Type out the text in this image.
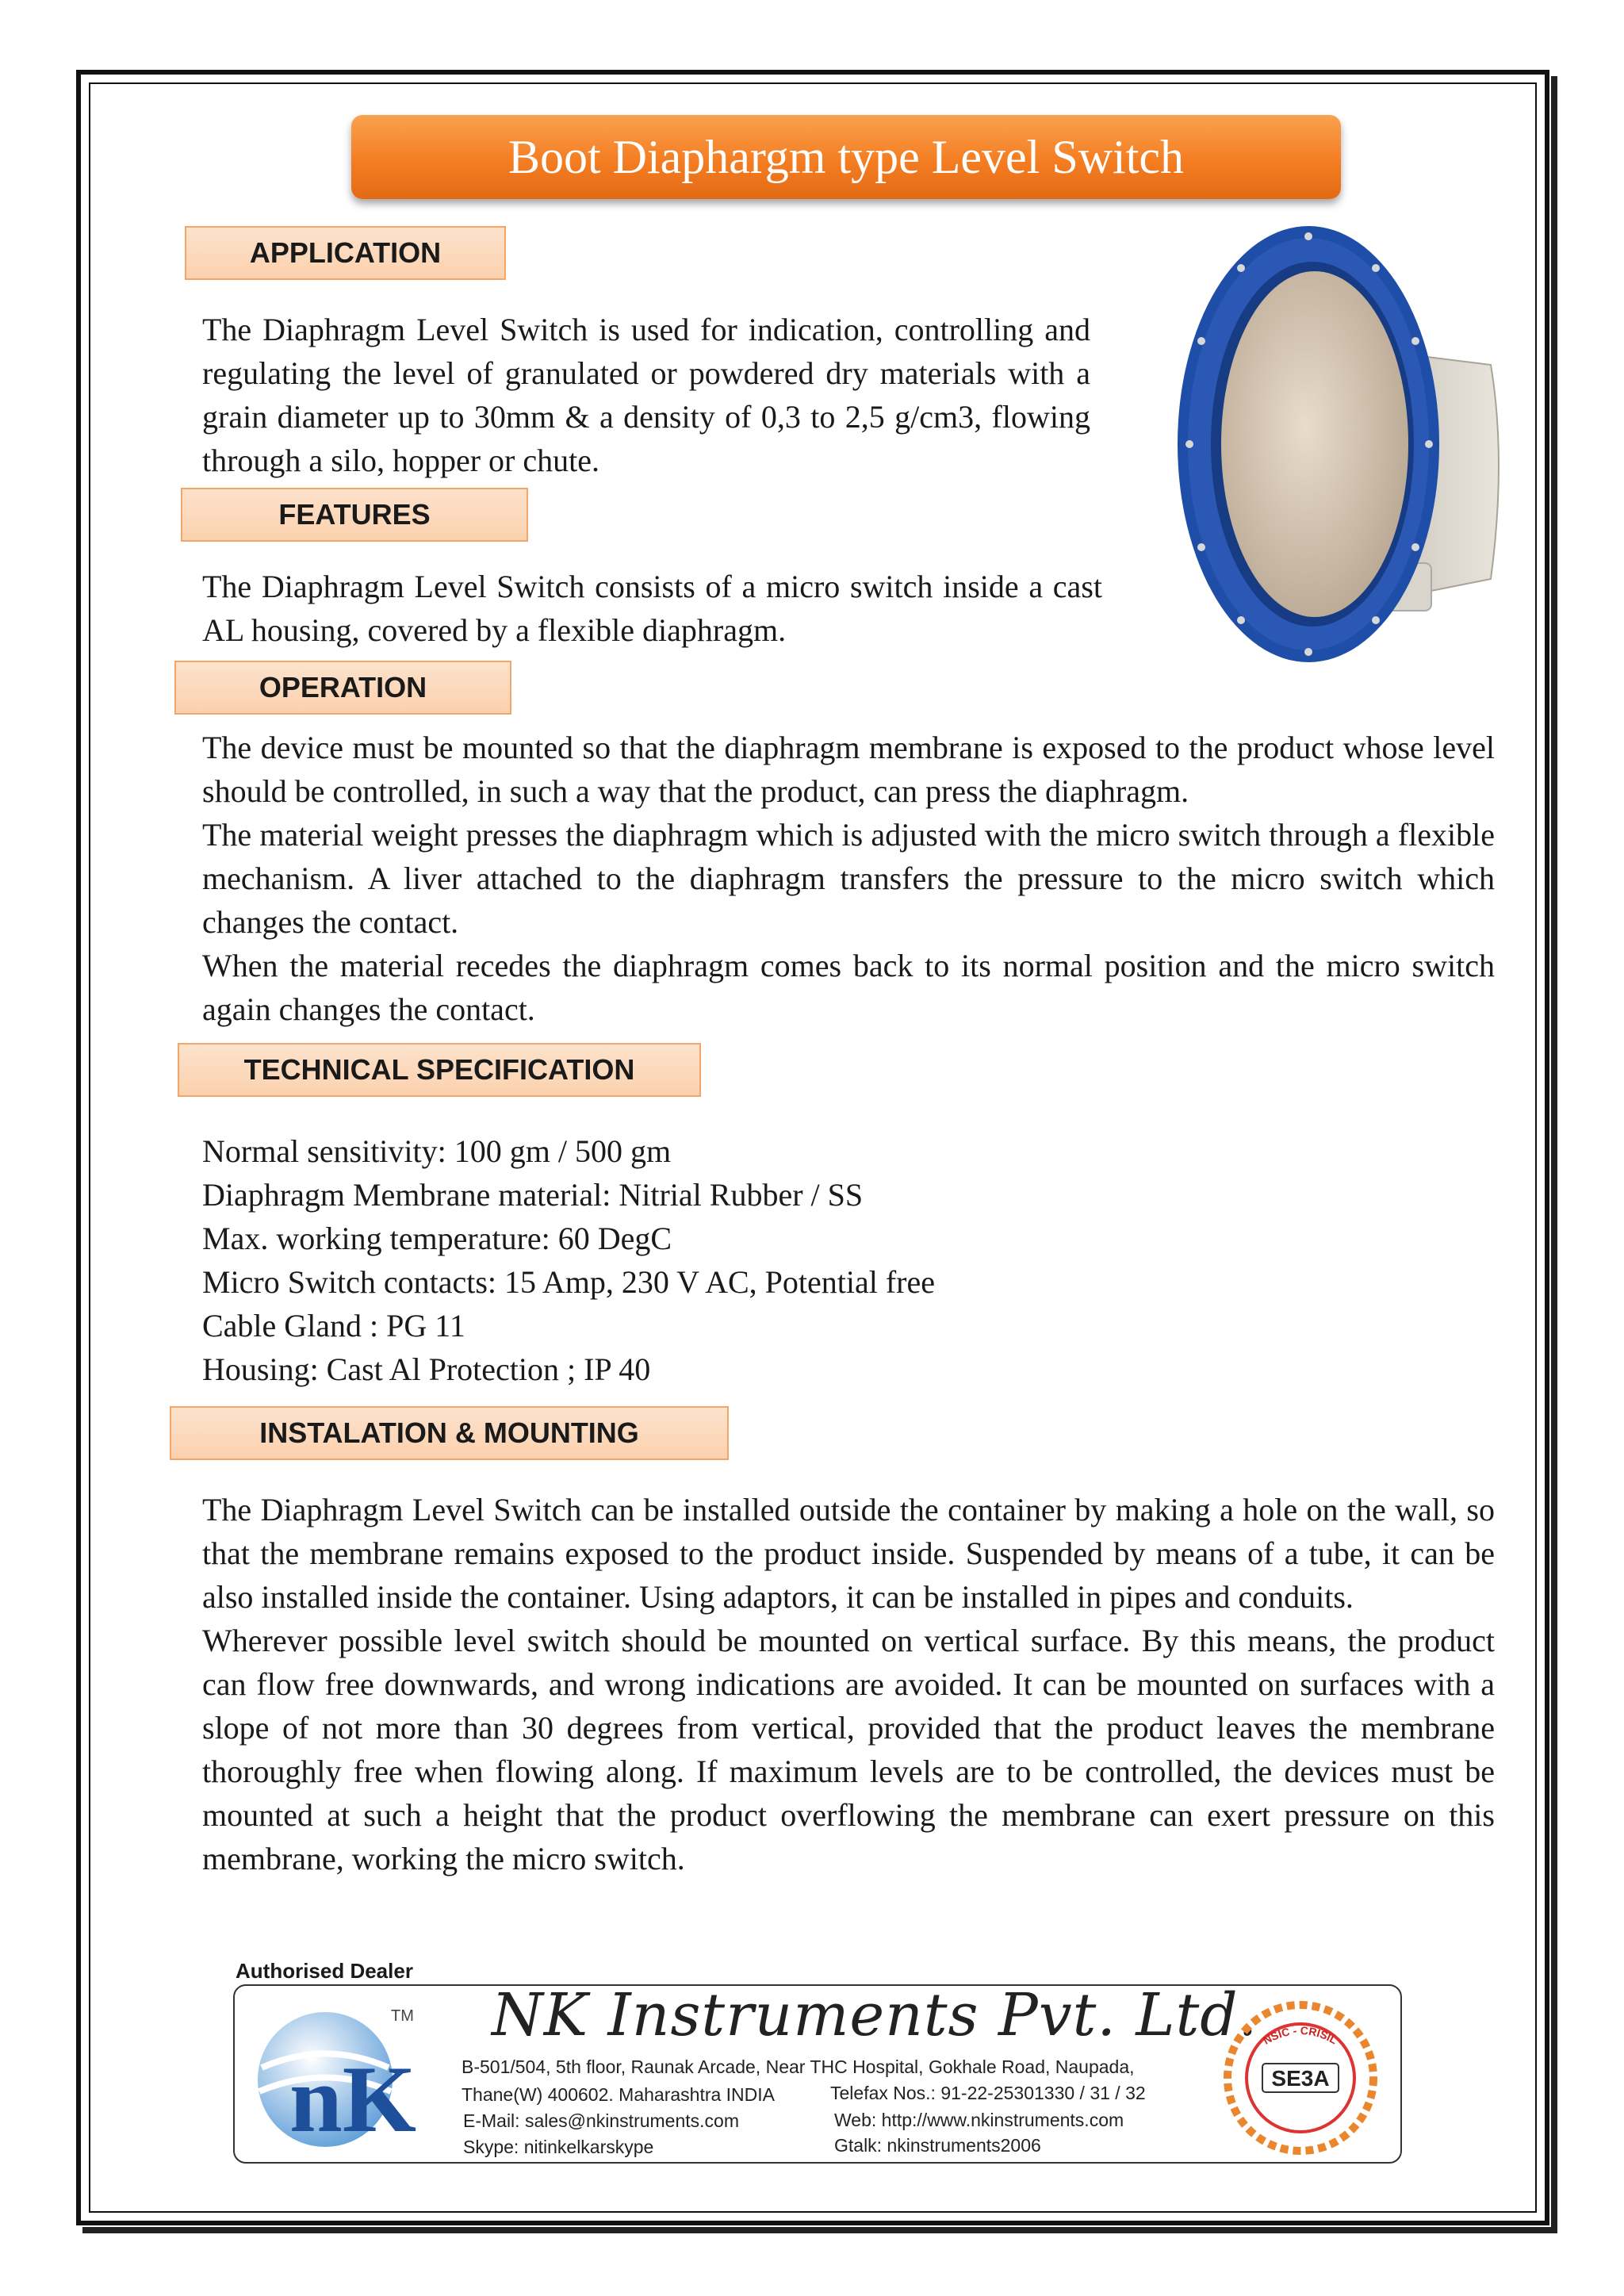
Boot Diaphargm type Level Switch
APPLICATION

The Diaphragm Level Switch is used for indication, controlling and regulating the level of granulated or powdered dry materials with a grain diameter up to 30mm & a density of 0,3 to 2,5 g/cm3, flowing through a silo, hopper or chute.

FEATURES

The Diaphragm Level Switch consists of a micro switch inside a cast AL housing, covered by a flexible diaphragm.

OPERATION

The device must be mounted so that the diaphragm membrane is exposed to the product whose level should be controlled, in such a way that the product, can press the diaphragm.

The material weight presses the diaphragm which is adjusted with the micro switch through a flexible mechanism. A liver attached to the diaphragm transfers the pressure to the micro switch which changes the contact.

When the material recedes the diaphragm comes back to its normal position and the micro switch again changes the contact.

TECHNICAL SPECIFICATION
Normal sensitivity: 100 gm / 500 gm
Diaphragm Membrane material: Nitrial Rubber / SS
Max. working temperature: 60 DegC
Micro Switch contacts: 15 Amp, 230 V AC, Potential free
Cable Gland : PG 11
Housing: Cast Al Protection ; IP 40
INSTALATION & MOUNTING

The Diaphragm Level Switch can be installed outside the container by making a hole on the wall, so that the membrane remains exposed to the product inside. Suspended by means of a tube, it can be also installed inside the container. Using adaptors, it can be installed in pipes and conduits.

Wherever possible level switch should be mounted on vertical surface. By this means, the product can flow free downwards, and wrong indications are avoided. It can be mounted on surfaces with a slope of not more than 30 degrees from vertical, provided that the product leaves the membrane thoroughly free when flowing along. If maximum levels are to be controlled, the devices must be mounted at such a height that the product overflowing the membrane can exert pressure on this membrane, working the micro switch.

Authorised Dealer
nK
TM NK Instruments Pvt. Ltd.
B-501/504, 5th floor, Raunak Arcade, Near THC Hospital, Gokhale Road, Naupada,
Thane(W) 400602. Maharashtra INDIA
E-Mail: sales@nkinstruments.com
Skype: nitinkelkarskype
Telefax Nos.: 91-22-25301330 / 31 / 32
Web: http://www.nkinstruments.com
Gtalk: nkinstruments2006
NSIC - CRISIL
SE3A
